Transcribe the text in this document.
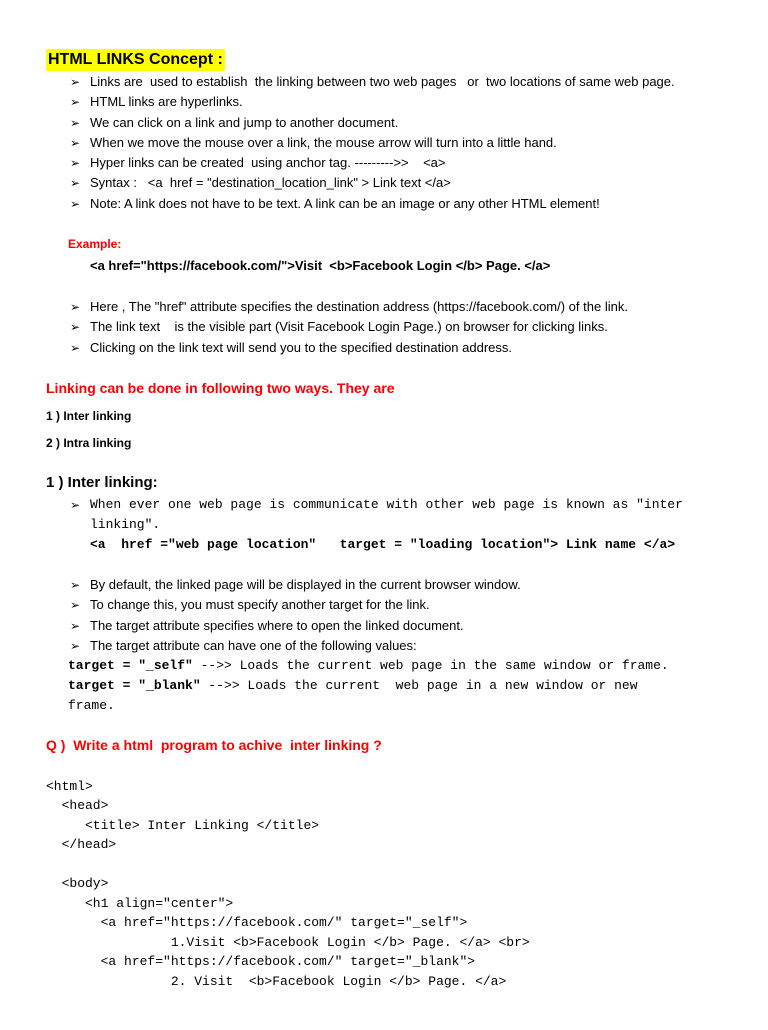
HTML LINKS Concept :
➢ Links are  used to establish  the linking between two web pages   or  two locations of same web page.
➢ HTML links are hyperlinks.
➢ We can click on a link and jump to another document.
➢ When we move the mouse over a link, the mouse arrow will turn into a little hand.
➢ Hyper links can be created  using anchor tag. --------->>    <a>
➢ Syntax :   <a  href = "destination_location_link" > Link text </a>
➢ Note: A link does not have to be text. A link can be an image or any other HTML element!
Example:
<a href="https://facebook.com/">Visit  <b>Facebook Login </b> Page. </a>
➢ Here , The "href" attribute specifies the destination address (https://facebook.com/) of the link.
➢ The link text    is the visible part (Visit Facebook Login Page.) on browser for clicking links.
➢ Clicking on the link text will send you to the specified destination address.
Linking can be done in following two ways. They are
1 ) Inter linking
2 ) Intra linking
1 ) Inter linking:
➢ When ever one web page is communicate with other web page is known as "inter
linking".
<a  href ="web page location"   target = "loading location"> Link name </a>
➢ By default, the linked page will be displayed in the current browser window.
➢ To change this, you must specify another target for the link.
➢ The target attribute specifies where to open the linked document.
➢ The target attribute can have one of the following values:
target = "_self" -->> Loads the current web page in the same window or frame.
target = "_blank" -->> Loads the current  web page in a new window or new
frame.
Q )  Write a html  program to achive  inter linking ?

<html>
<head>
<title> Inter Linking </title>
</head>
<body>
<h1 align="center">
<a href="https://facebook.com/" target="_self">
1.Visit <b>Facebook Login </b> Page. </a> <br>
<a href="https://facebook.com/" target="_blank">
2. Visit  <b>Facebook Login </b> Page. </a>
